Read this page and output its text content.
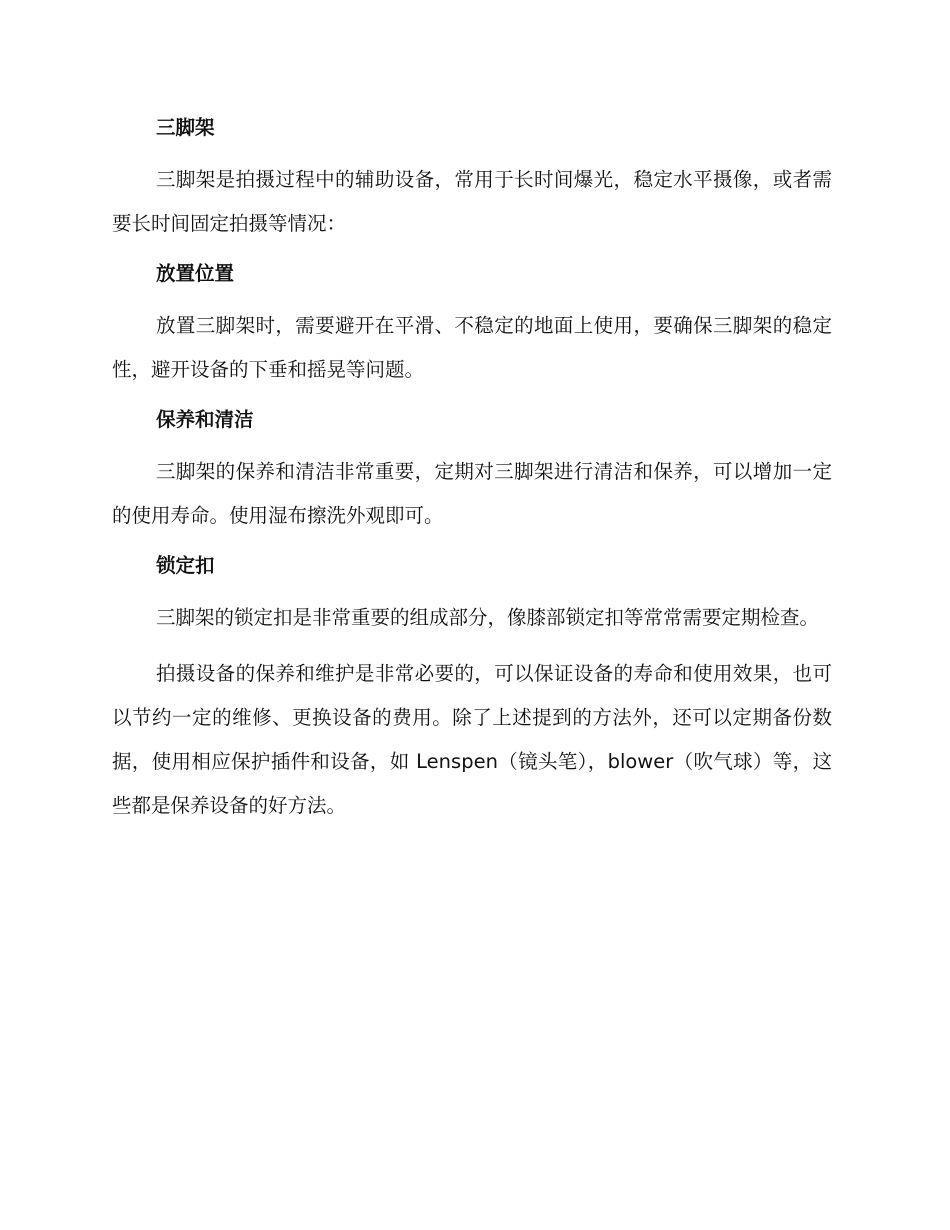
三脚架

三脚架是拍摄过程中的辅助设备，常用于长时间爆光，稳定水平摄像，或者需要长时间固定拍摄等情况：

放置位置

放置三脚架时，需要避开在平滑、不稳定的地面上使用，要确保三脚架的稳定性，避开设备的下垂和摇晃等问题。

保养和清洁

三脚架的保养和清洁非常重要，定期对三脚架进行清洁和保养，可以增加一定的使用寿命。使用湿布擦洗外观即可。

锁定扣

三脚架的锁定扣是非常重要的组成部分，像膝部锁定扣等常常需要定期检查。

拍摄设备的保养和维护是非常必要的，可以保证设备的寿命和使用效果，也可以节约一定的维修、更换设备的费用。除了上述提到的方法外，还可以定期备份数据，使用相应保护插件和设备，如 Lenspen（镜头笔），blower（吹气球）等，这些都是保养设备的好方法。
